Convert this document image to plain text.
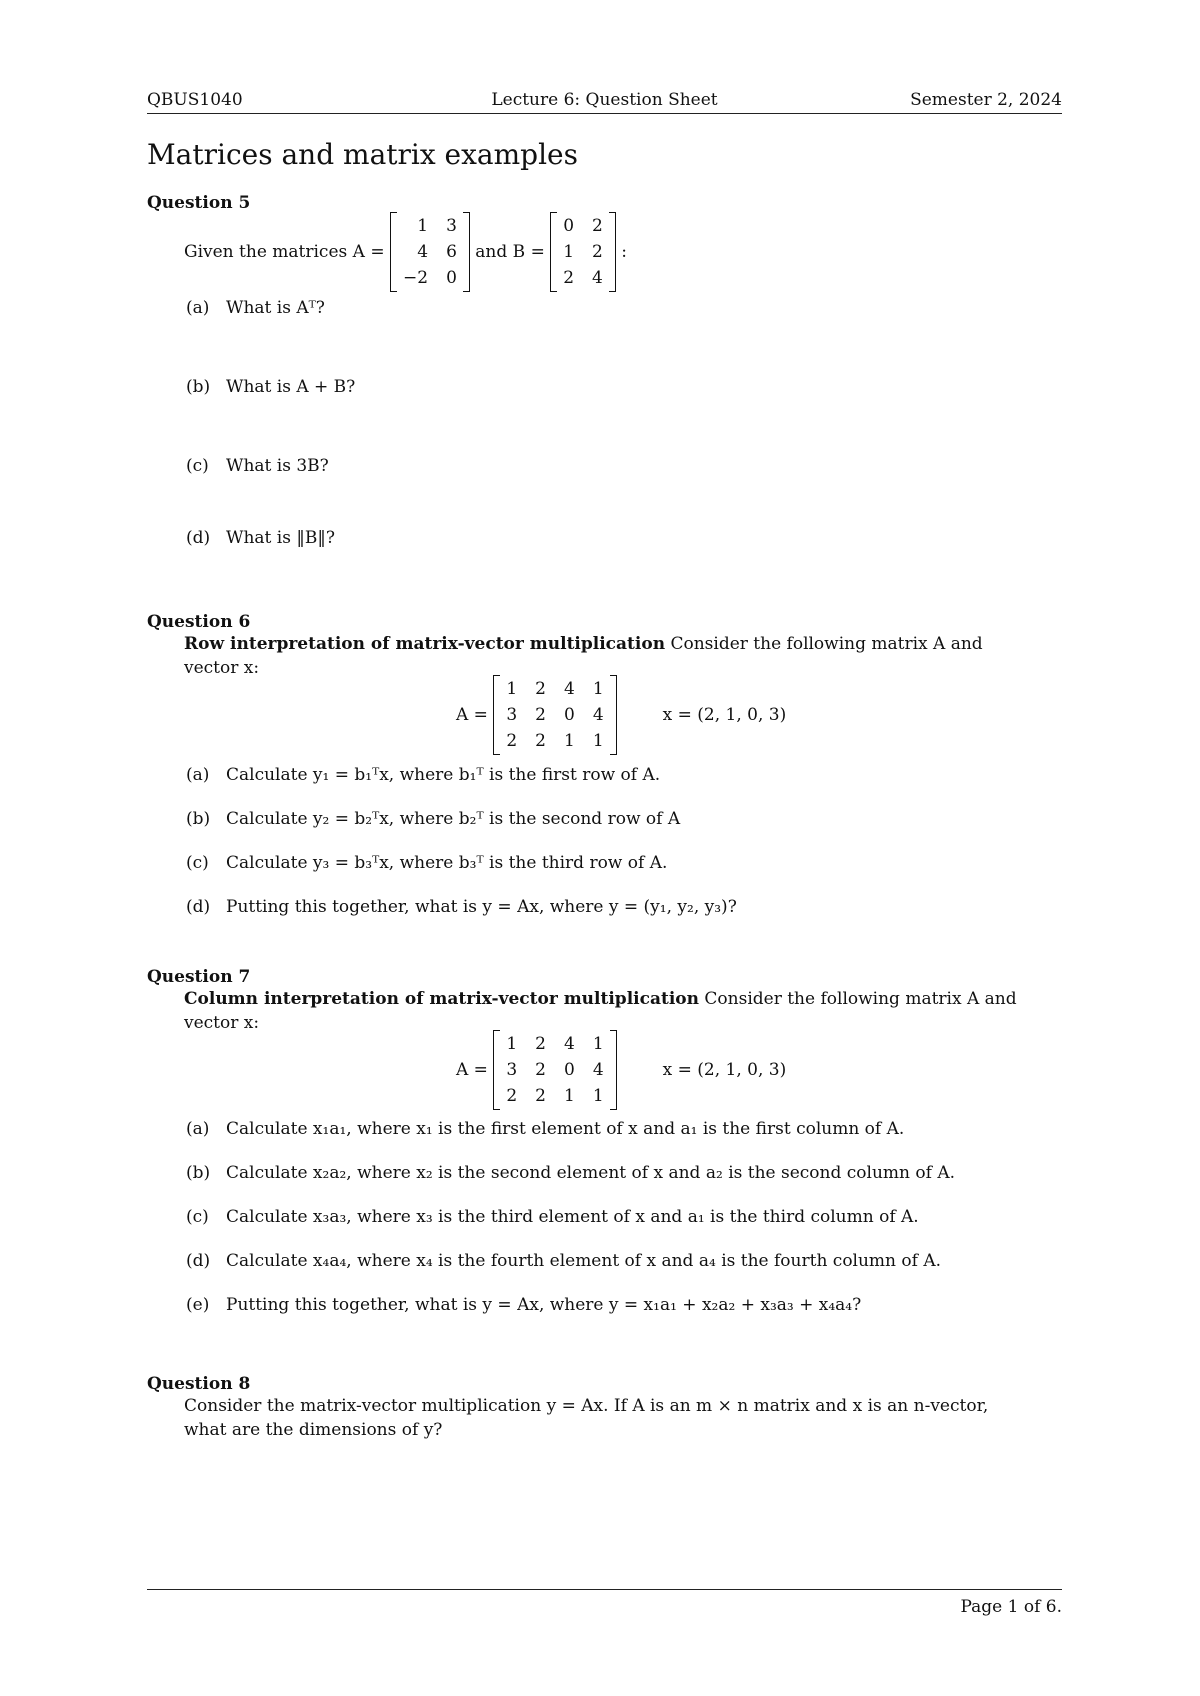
QBUS1040	Lecture 6: Question Sheet	Semester 2, 2024
Matrices and matrix examples
Question 5
Given the matrices
A =

1 3
4 6
−2 0

and
B =

0 2
1 2
2 4
:
(a) What is Aᵀ?
(b) What is A + B?
(c) What is 3B?
(d) What is ‖B‖?
Question 6
Row interpretation of matrix-vector multiplication Consider the following matrix A and
vector x:
A =

1 2 4 1
3 2 0 4
2 2 1 1
x = (2, 1, 0, 3)
(a) Calculate y₁ = b₁ᵀx, where b₁ᵀ is the first row of A.
(b) Calculate y₂ = b₂ᵀx, where b₂ᵀ is the second row of A
(c) Calculate y₃ = b₃ᵀx, where b₃ᵀ is the third row of A.
(d) Putting this together, what is y = Ax, where y = (y₁, y₂, y₃)?
Question 7
Column interpretation of matrix-vector multiplication Consider the following matrix A and
vector x:
A =

1 2 4 1
3 2 0 4
2 2 1 1
x = (2, 1, 0, 3)
(a) Calculate x₁a₁, where x₁ is the first element of x and a₁ is the first column of A.
(b) Calculate x₂a₂, where x₂ is the second element of x and a₂ is the second column of A.
(c) Calculate x₃a₃, where x₃ is the third element of x and a₁ is the third column of A.
(d) Calculate x₄a₄, where x₄ is the fourth element of x and a₄ is the fourth column of A.
(e) Putting this together, what is y = Ax, where y = x₁a₁ + x₂a₂ + x₃a₃ + x₄a₄?
Question 8
Consider the matrix-vector multiplication y = Ax. If A is an m × n matrix and x is an n-vector,
what are the dimensions of y?
Page 1 of 6.
